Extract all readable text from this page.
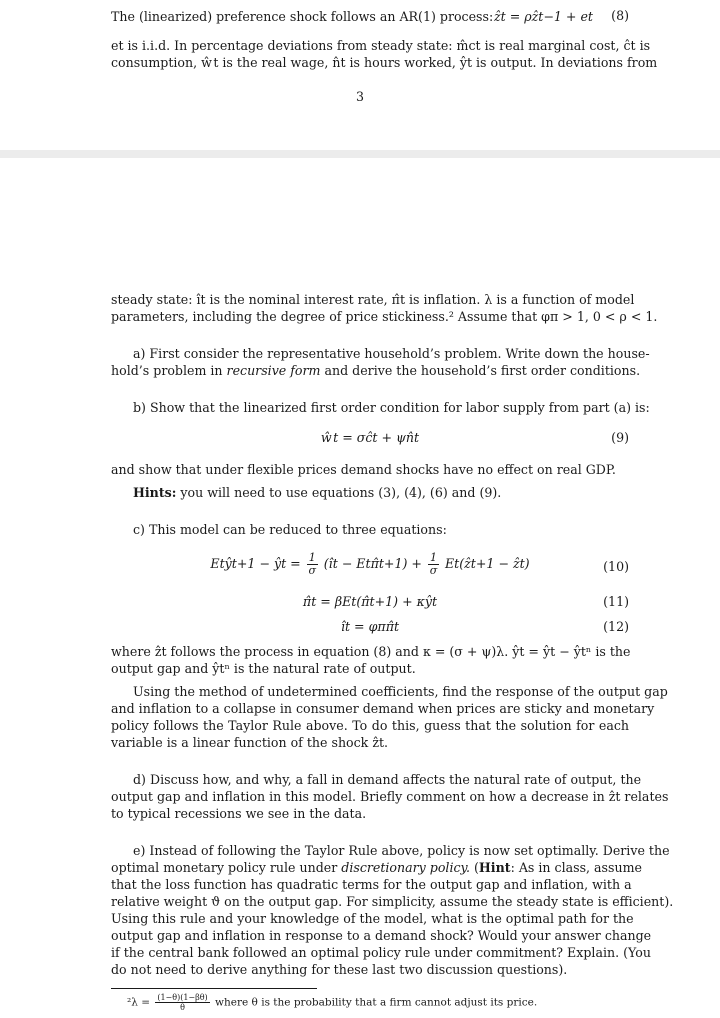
The (linearized) preference shock follows an AR(1) process: ẑt = ρẑt−1 + et (8)
et is i.i.d. In percentage deviations from steady state: m̂ct is real marginal cost, ĉt is
consumption, ŵt is the real wage, n̂t is hours worked, ŷt is output. In deviations from
3
steady state: ît is the nominal interest rate, π̂t is inflation. λ is a function of model
parameters, including the degree of price stickiness.² Assume that φπ > 1, 0 < ρ < 1.
a) First consider the representative household’s problem. Write down the house-
hold’s problem in recursive form and derive the household’s first order conditions.
b) Show that the linearized first order condition for labor supply from part (a) is:
ŵt = σĉt + ψn̂t	(9)
and show that under flexible prices demand shocks have no effect on real GDP.
Hints: you will need to use equations (3), (4), (6) and (9).
c) This model can be reduced to three equations:
Etŷt+1 − ŷt = $\frac{1}{\sigma}$ (ît − Etπ̂t+1) + $\frac{1}{\sigma}$ Et(ẑt+1 − ẑt)	(10)
π̂t = βEt(π̂t+1) + κŷt	(11)
ît = φππ̂t	(12)
where ẑt follows the process in equation (8) and κ = (σ + ψ)λ. ŷt = ŷt − ŷtⁿ is the
output gap and ŷtⁿ is the natural rate of output.
Using the method of undetermined coefficients, find the response of the output gap
and inflation to a collapse in consumer demand when prices are sticky and monetary
policy follows the Taylor Rule above. To do this, guess that the solution for each
variable is a linear function of the shock ẑt.
d) Discuss how, and why, a fall in demand affects the natural rate of output, the
output gap and inflation in this model. Briefly comment on how a decrease in ẑt relates
to typical recessions we see in the data.
e) Instead of following the Taylor Rule above, policy is now set optimally. Derive the
optimal monetary policy rule under discretionary policy. (Hint: As in class, assume
that the loss function has quadratic terms for the output gap and inflation, with a
relative weight ϑ on the output gap. For simplicity, assume the steady state is efficient).
Using this rule and your knowledge of the model, what is the optimal path for the
output gap and inflation in response to a demand shock? Would your answer change
if the central bank followed an optimal policy rule under commitment? Explain. (You
do not need to derive anything for these last two discussion questions).
$^2\lambda = \frac{(1-\theta)(1-\beta\theta)}{\theta}$ where θ is the probability that a firm cannot adjust its price.
